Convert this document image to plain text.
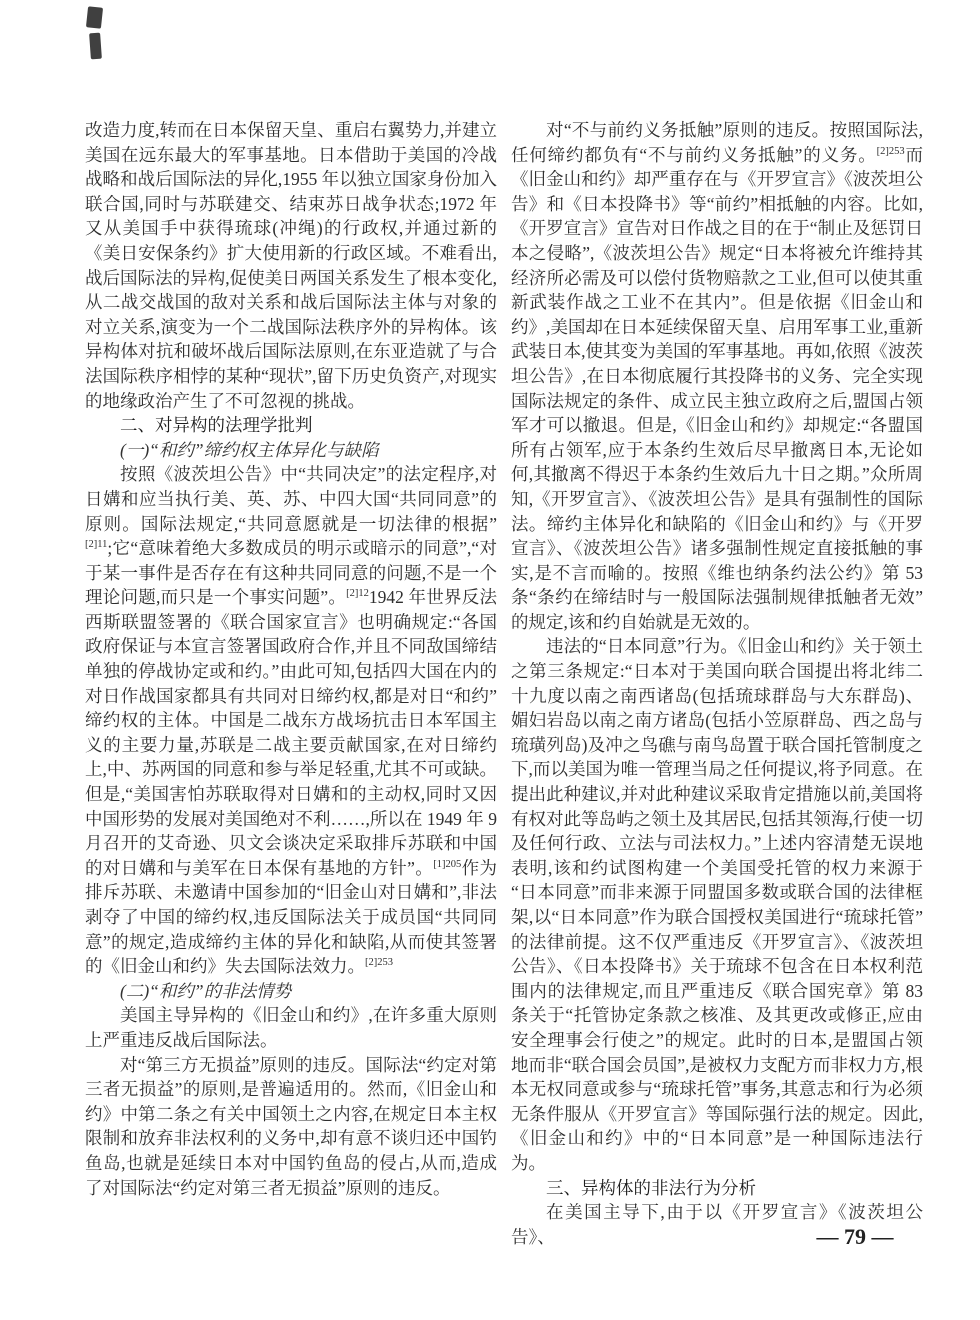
改造力度,转而在日本保留天皇、重启右翼势力,并建立美国在远东最大的军事基地。日本借助于美国的冷战战略和战后国际法的异化,1955 年以独立国家身份加入联合国,同时与苏联建交、结束苏日战争状态;1972 年又从美国手中获得琉球(冲绳)的行政权,并通过新的《美日安保条约》扩大使用新的行政区域。不难看出,战后国际法的异构,促使美日两国关系发生了根本变化,从二战交战国的敌对关系和战后国际法主体与对象的对立关系,演变为一个二战国际法秩序外的异构体。该异构体对抗和破坏战后国际法原则,在东亚造就了与合法国际秩序相悖的某种“现状”,留下历史负资产,对现实的地缘政治产生了不可忽视的挑战。

二、对异构的法理学批判
(一)“和约”缔约权主体异化与缺陷

按照《波茨坦公告》中“共同决定”的法定程序,对日媾和应当执行美、英、苏、中四大国“共同同意”的原则。国际法规定,“共同意愿就是一切法律的根据”$^{[2]11}$;它“意味着绝大多数成员的明示或暗示的同意”,“对于某一事件是否存在有这种共同同意的问题,不是一个理论问题,而只是一个事实问题”。$^{[2]12}$1942 年世界反法西斯联盟签署的《联合国家宣言》也明确规定:“各国政府保证与本宣言签署国政府合作,并且不同敌国缔结单独的停战协定或和约。”由此可知,包括四大国在内的对日作战国家都具有共同对日缔约权,都是对日“和约”缔约权的主体。中国是二战东方战场抗击日本军国主义的主要力量,苏联是二战主要贡献国家,在对日缔约上,中、苏两国的同意和参与举足轻重,尤其不可或缺。但是,“美国害怕苏联取得对日媾和的主动权,同时又因中国形势的发展对美国绝对不利……,所以在 1949 年 9 月召开的艾奇逊、贝文会谈决定采取排斥苏联和中国的对日媾和与美军在日本保有基地的方针”。$^{[1]205}$作为排斥苏联、未邀请中国参加的“旧金山对日媾和”,非法剥夺了中国的缔约权,违反国际法关于成员国“共同同意”的规定,造成缔约主体的异化和缺陷,从而使其签署的《旧金山和约》失去国际法效力。$^{[2]253}$

(二)“和约”的非法情势

美国主导异构的《旧金山和约》,在许多重大原则上严重违反战后国际法。

对“第三方无损益”原则的违反。国际法“约定对第三者无损益”的原则,是普遍适用的。然而,《旧金山和约》中第二条之有关中国领土之内容,在规定日本主权限制和放弃非法权利的义务中,却有意不谈归还中国钓鱼岛,也就是延续日本对中国钓鱼岛的侵占,从而,造成了对国际法“约定对第三者无损益”原则的违反。

对“不与前约义务抵触”原则的违反。按照国际法,任何缔约都负有“不与前约义务抵触”的义务。$^{[2]253}$而《旧金山和约》却严重存在与《开罗宣言》《波茨坦公告》和《日本投降书》等“前约”相抵触的内容。比如,《开罗宣言》宣告对日作战之目的在于“制止及惩罚日本之侵略”,《波茨坦公告》规定“日本将被允许维持其经济所必需及可以偿付货物赔款之工业,但可以使其重新武装作战之工业不在其内”。但是依据《旧金山和约》,美国却在日本延续保留天皇、启用军事工业,重新武装日本,使其变为美国的军事基地。再如,依照《波茨坦公告》,在日本彻底履行其投降书的义务、完全实现国际法规定的条件、成立民主独立政府之后,盟国占领军才可以撤退。但是,《旧金山和约》却规定:“各盟国所有占领军,应于本条约生效后尽早撤离日本,无论如何,其撤离不得迟于本条约生效后九十日之期。”众所周知,《开罗宣言》、《波茨坦公告》是具有强制性的国际法。缔约主体异化和缺陷的《旧金山和约》与《开罗宣言》、《波茨坦公告》诸多强制性规定直接抵触的事实,是不言而喻的。按照《维也纳条约法公约》第 53 条“条约在缔结时与一般国际法强制规律抵触者无效”的规定,该和约自始就是无效的。

违法的“日本同意”行为。《旧金山和约》关于领土之第三条规定:“日本对于美国向联合国提出将北纬二十九度以南之南西诸岛(包括琉球群岛与大东群岛)、媚妇岩岛以南之南方诸岛(包括小笠原群岛、西之岛与琉璜列岛)及冲之鸟礁与南鸟岛置于联合国托管制度之下,而以美国为唯一管理当局之任何提议,将予同意。在提出此种建议,并对此种建议采取肯定措施以前,美国将有权对此等岛屿之领土及其居民,包括其领海,行使一切及任何行政、立法与司法权力。”上述内容清楚无误地表明,该和约试图构建一个美国受托管的权力来源于“日本同意”而非来源于同盟国多数或联合国的法律框架,以“日本同意”作为联合国授权美国进行“琉球托管”的法律前提。这不仅严重违反《开罗宣言》、《波茨坦公告》、《日本投降书》关于琉球不包含在日本权利范围内的法律规定,而且严重违反《联合国宪章》第 83 条关于“托管协定条款之核准、及其更改或修正,应由安全理事会行使之”的规定。此时的日本,是盟国占领地而非“联合国会员国”,是被权力支配方而非权力方,根本无权同意或参与“琉球托管”事务,其意志和行为必须无条件服从《开罗宣言》等国际强行法的规定。因此,《旧金山和约》中的“日本同意”是一种国际违法行为。

三、异构体的非法行为分析

在美国主导下,由于以《开罗宣言》《波茨坦公告》、	— 79 —
